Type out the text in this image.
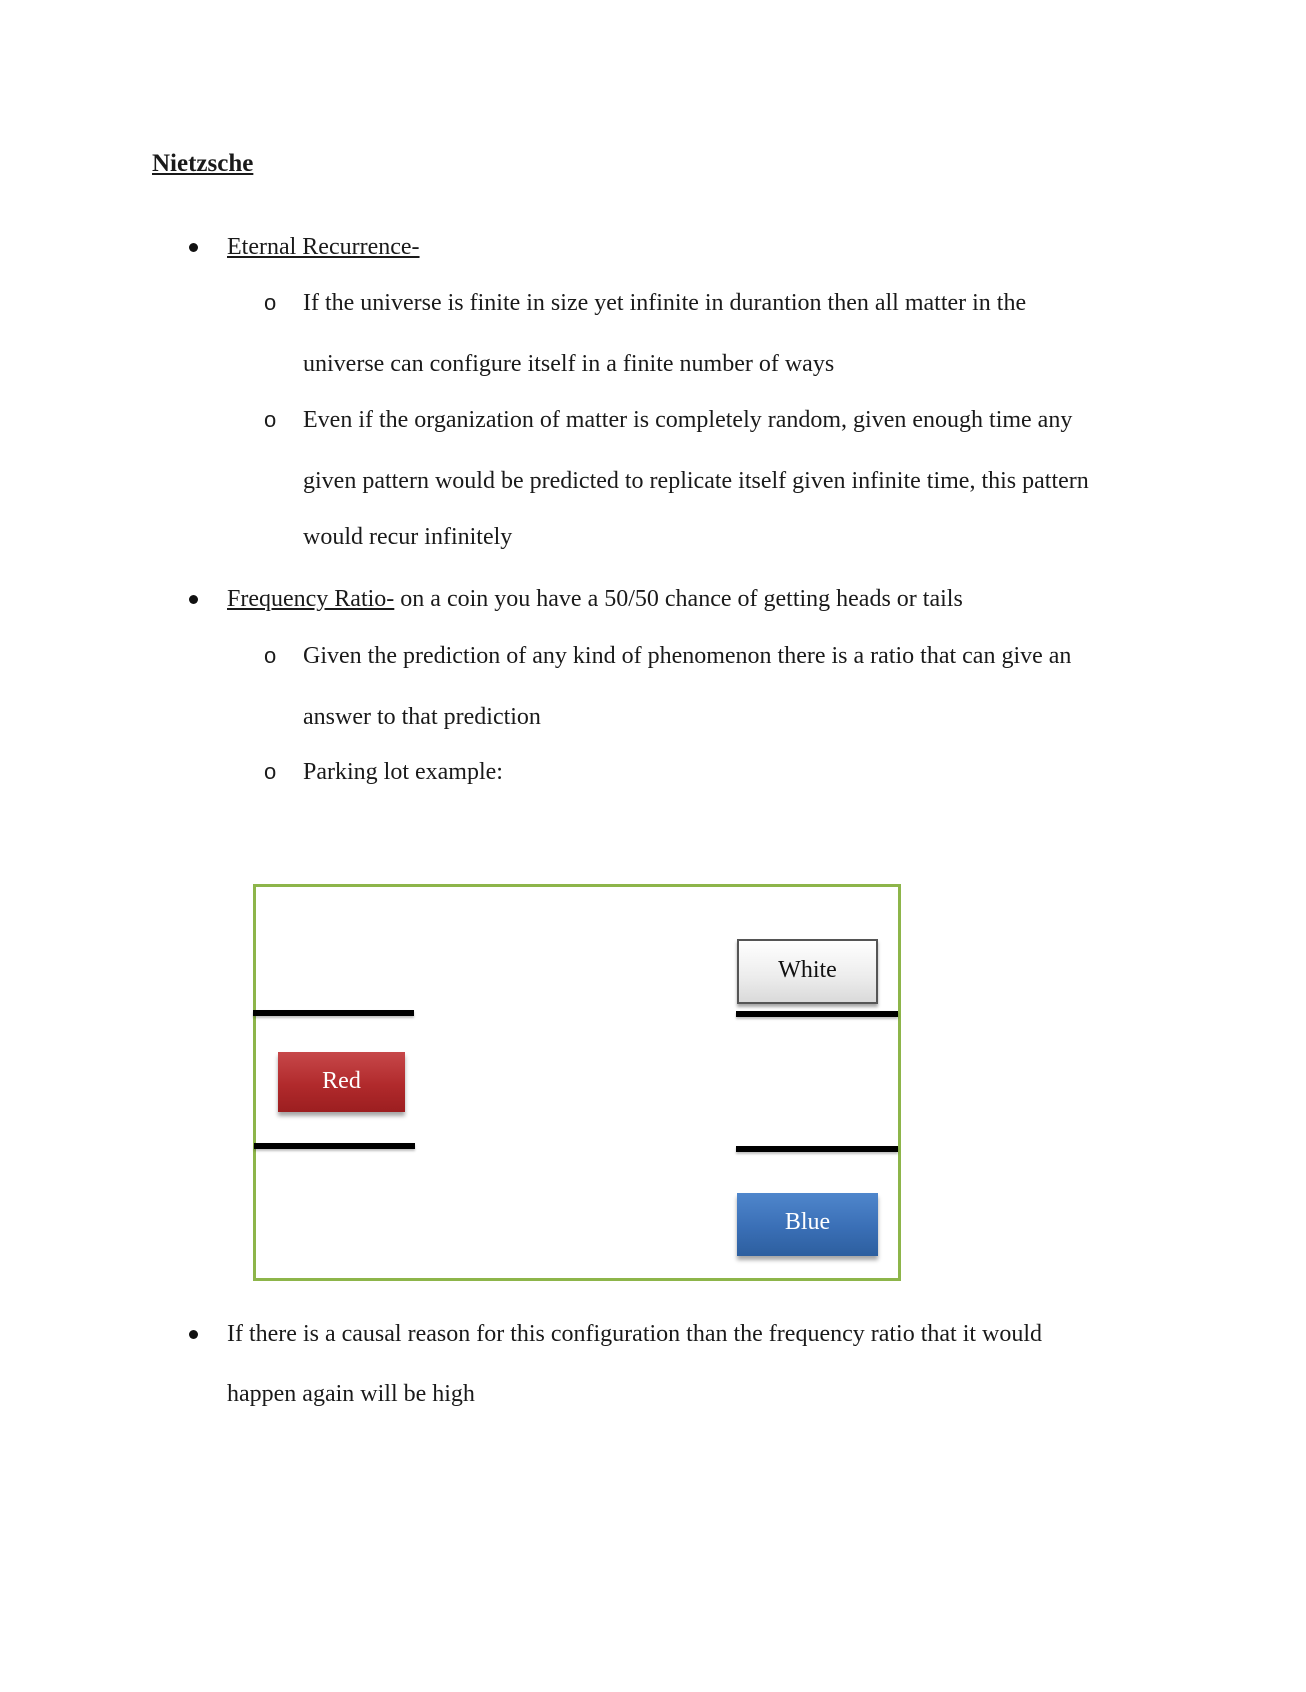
Nietzsche

Eternal Recurrence-

o If the universe is finite in size yet infinite in durantion then all matter in the

universe can configure itself in a finite number of ways

o Even if the organization of matter is completely random, given enough time any

given pattern would be predicted to replicate itself given infinite time, this pattern

would recur infinitely

Frequency Ratio- on a coin you have a 50/50 chance of getting heads or tails

o Given the prediction of any kind of phenomenon there is a ratio that can give an

answer to that prediction

o Parking lot example:

Red
White
Blue

If there is a causal reason for this configuration than the frequency ratio that it would

happen again will be high
